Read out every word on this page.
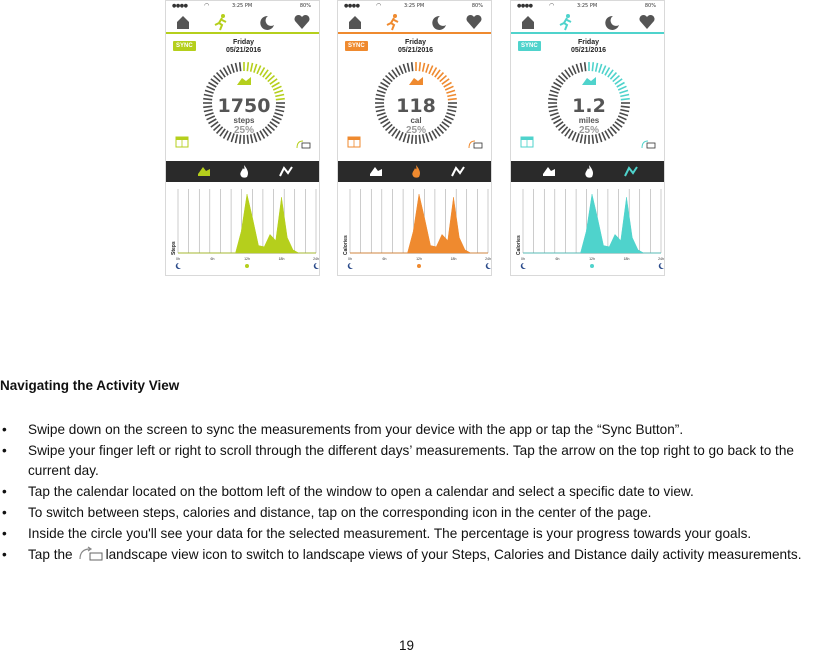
●●●●	◠	3:25 PM	80%
SYNC	Friday
05/21/2016
1750
steps
25%
Steps
0h	6h	12h	18h	24h
●●●●	◠	3:25 PM	80%
SYNC	Friday
05/21/2016
118
cal
25%
Calories
0h	6h	12h	18h	24h
●●●●	◠	3:25 PM	80%
SYNC	Friday
05/21/2016
1.2
miles
25%
Calories
0h	6h	12h	18h	24h
Navigating the Activity View
• Swipe down on the screen to sync the measurements from your device with the app or tap the “Sync Button”.
• Swipe your finger left or right to scroll through the different days’ measurements. Tap the arrow on the top right to go back to the current day.
• Tap the calendar located on the bottom left of the window to open a calendar and select a specific date to view.
• To switch between steps, calories and distance, tap on the corresponding icon in the center of the page.
• Inside the circle you'll see your data for the selected measurement. The percentage is your progress towards your goals.
• Tap the landscape view icon to switch to landscape views of your Steps, Calories and Distance daily activity measurements.
19
